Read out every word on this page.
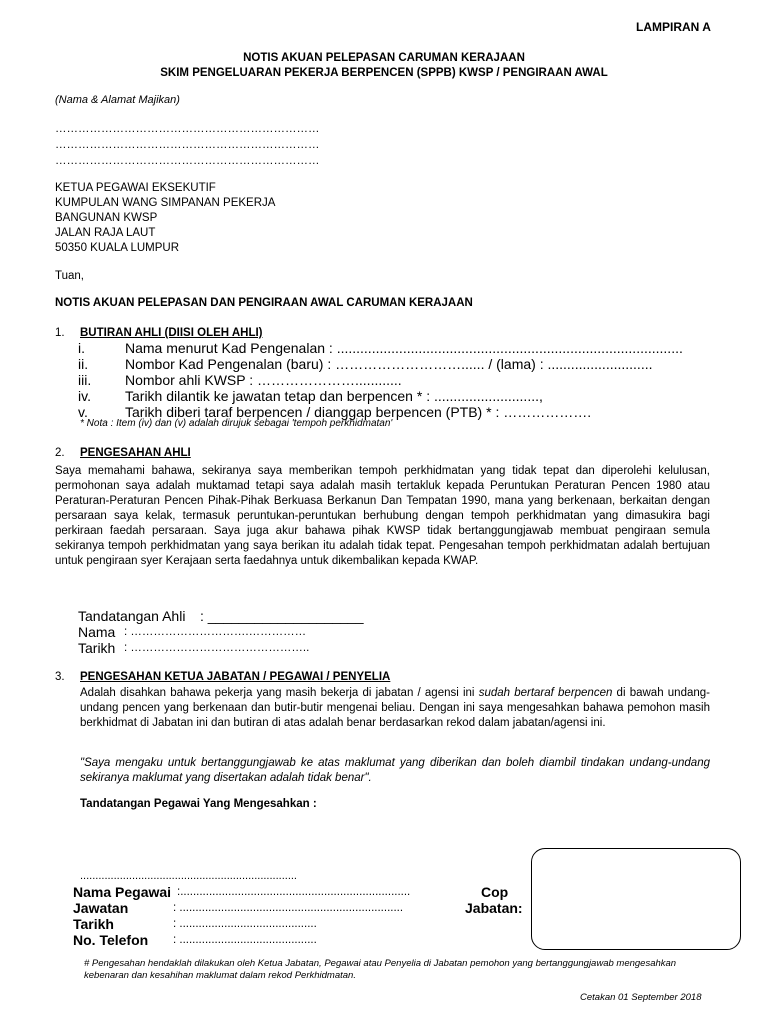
LAMPIRAN A
NOTIS AKUAN PELEPASAN CARUMAN KERAJAAN
SKIM PENGELUARAN PEKERJA BERPENCEN (SPPB) KWSP / PENGIRAAN AWAL
(Nama & Alamat Majikan)
……………………………………………………………
……………………………………………………………
……………………………………………………………
KETUA PEGAWAI EKSEKUTIF
KUMPULAN WANG SIMPANAN PEKERJA
BANGUNAN KWSP
JALAN RAJA LAUT
50350 KUALA LUMPUR
Tuan,
NOTIS AKUAN PELEPASAN DAN PENGIRAAN AWAL CARUMAN KERAJAAN
1. BUTIRAN AHLI (DIISI OLEH AHLI)
i.	Nama menurut Kad Pengenalan : .........................................................................................
ii.	Nombor Kad Pengenalan (baru) : ………………………...... / (lama) : ...........................
iii. Nombor ahli KWSP : …………………............
iv. Tarikh dilantik ke jawatan tetap dan berpencen * : ...........................,
v.	Tarikh diberi taraf berpencen / dianggap berpencen (PTB) * : ……………….
* Nota : Item (iv) dan (v) adalah dirujuk sebagai 'tempoh perkhidmatan'
2. PENGESAHAN AHLI
Saya memahami bahawa, sekiranya saya memberikan tempoh perkhidmatan yang tidak tepat dan diperolehi kelulusan, permohonan saya adalah muktamad tetapi saya adalah masih tertakluk kepada Peruntukan Peraturan Pencen 1980 atau Peraturan-Peraturan Pencen Pihak-Pihak Berkuasa Berkanun Dan Tempatan 1990, mana yang berkenaan, berkaitan dengan persaraan saya kelak, termasuk peruntukan-peruntukan berhubung dengan tempoh perkhidmatan yang dimasukira bagi perkiraan faedah persaraan. Saya juga akur bahawa pihak KWSP tidak bertanggungjawab membuat pengiraan semula sekiranya tempoh perkhidmatan yang saya berikan itu adalah tidak tepat. Pengesahan tempoh perkhidmatan adalah bertujuan untuk pengiraan syer Kerajaan serta faedahnya untuk dikembalikan kepada KWAP.
Tandatangan Ahli : ____________________
Nama : ………………………….……………
Tarikh : ………………………………………..
3. PENGESAHAN KETUA JABATAN / PEGAWAI / PENYELIA
Adalah disahkan bahawa pekerja yang masih bekerja di jabatan / agensi ini sudah bertaraf berpencen di bawah undang-undang pencen yang berkenaan dan butir-butir mengenai beliau. Dengan ini saya mengesahkan bahawa pemohon masih berkhidmat di Jabatan ini dan butiran di atas adalah benar berdasarkan rekod dalam jabatan/agensi ini.
"Saya mengaku untuk bertanggungjawab ke atas maklumat yang diberikan dan boleh diambil tindakan undang-undang sekiranya maklumat yang disertakan adalah tidak benar".
Tandatangan Pegawai Yang Mengesahkan :
.......................................................................
Nama Pegawai :........................................................................	Cop
Jawatan	: ......................................................................	Jabatan:
Tarikh	: ...........................................
No. Telefon : ...........................................
# Pengesahan hendaklah dilakukan oleh Ketua Jabatan, Pegawai atau Penyelia di Jabatan pemohon yang bertanggungjawab mengesahkan kebenaran dan kesahihan maklumat dalam rekod Perkhidmatan.
Cetakan 01 September 2018
